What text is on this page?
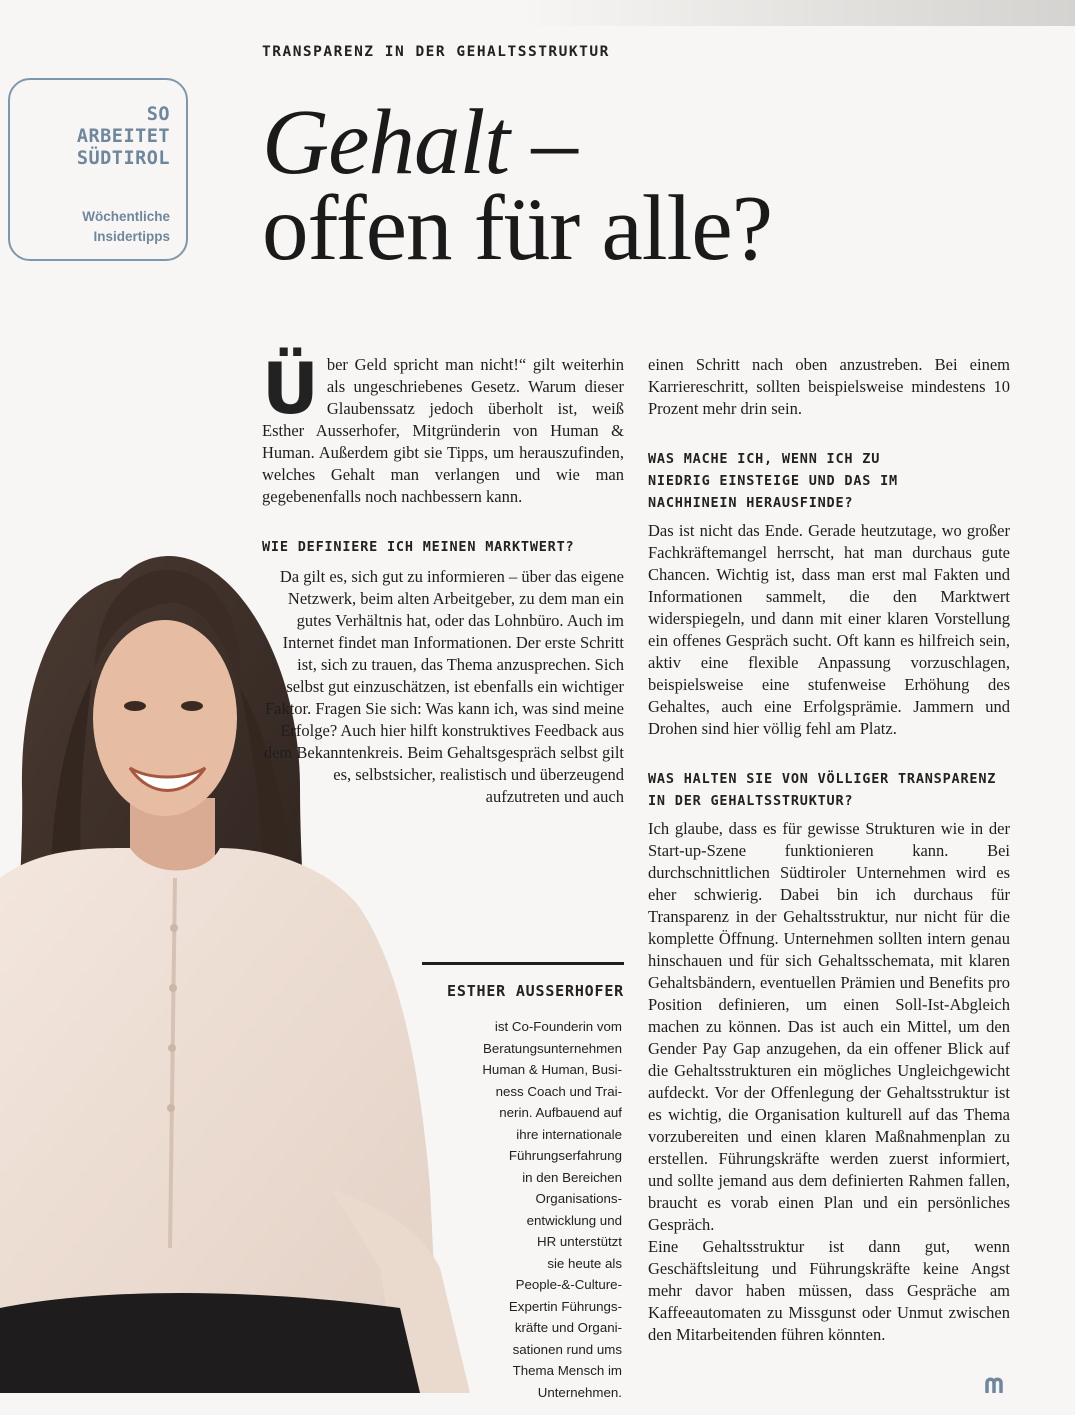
TRANSPARENZ IN DER GEHALTSSTRUKTUR
SO
ARBEITET
SÜDTIROL
Wöchentliche
Insidertipps
Gehalt –
offen für alle?

Über Geld spricht man nicht!“ gilt weiterhin als ungeschriebenes Gesetz. Warum dieser Glaubenssatz jedoch überholt ist, weiß Esther Ausserhofer, Mitgründerin von Human & Human. Außerdem gibt sie Tipps, um herauszufinden, welches Gehalt man verlangen und wie man gegebenenfalls noch nachbessern kann.

WIE DEFINIERE ICH MEINEN MARKTWERT?

Da gilt es, sich gut zu informieren – über das eigene Netzwerk, beim alten Arbeitgeber, zu dem man ein gutes Verhältnis hat, oder das Lohnbüro. Auch im Internet findet man Informationen. Der erste Schritt ist, sich zu trauen, das Thema anzusprechen. Sich selbst gut einzuschätzen, ist ebenfalls ein wichtiger Faktor. Fragen Sie sich: Was kann ich, was sind meine Erfolge? Auch hier hilft konstruktives Feedback aus dem Bekanntenkreis. Beim Gehaltsgespräch selbst gilt es, selbstsicher, realistisch und überzeugend aufzutreten und auch

einen Schritt nach oben anzustreben. Bei einem Karriereschritt, sollten beispielsweise mindestens 10 Prozent mehr drin sein.

WAS MACHE ICH, WENN ICH ZU NIEDRIG EINSTEIGE UND DAS IM NACHHINEIN HERAUSFINDE?

Das ist nicht das Ende. Gerade heutzutage, wo großer Fachkräftemangel herrscht, hat man durchaus gute Chancen. Wichtig ist, dass man erst mal Fakten und Informationen sammelt, die den Marktwert widerspiegeln, und dann mit einer klaren Vorstellung ein offenes Gespräch sucht. Oft kann es hilfreich sein, aktiv eine flexible Anpassung vorzuschlagen, beispielsweise eine stufenweise Erhöhung des Gehaltes, auch eine Erfolgsprämie. Jammern und Drohen sind hier völlig fehl am Platz.

WAS HALTEN SIE VON VÖLLIGER TRANSPARENZ IN DER GEHALTSSTRUKTUR?

Ich glaube, dass es für gewisse Strukturen wie in der Start-up-Szene funktionieren kann. Bei durchschnittlichen Südtiroler Unternehmen wird es eher schwierig. Dabei bin ich durchaus für Transparenz in der Gehaltsstruktur, nur nicht für die komplette Öffnung. Unternehmen sollten intern genau hinschauen und für sich Gehaltsschemata, mit klaren Gehaltsbändern, eventuellen Prämien und Benefits pro Position definieren, um einen Soll-Ist-Abgleich machen zu können. Das ist auch ein Mittel, um den Gender Pay Gap anzugehen, da ein offener Blick auf die Gehaltsstrukturen ein mögliches Ungleichgewicht aufdeckt. Vor der Offenlegung der Gehaltsstruktur ist es wichtig, die Organisation kulturell auf das Thema vorzubereiten und einen klaren Maßnahmenplan zu erstellen. Führungskräfte werden zuerst informiert, und sollte jemand aus dem definierten Rahmen fallen, braucht es vorab einen Plan und ein persönliches Gespräch.

Eine Gehaltsstruktur ist dann gut, wenn Geschäftsleitung und Führungskräfte keine Angst mehr davor haben müssen, dass Gespräche am Kaffeeautomaten zu Missgunst oder Unmut zwischen den Mitarbeitenden führen könnten.

ESTHER AUSSERHOFER
ist Co-Founderin vom
Beratungsunternehmen
Human & Human, Busi-
ness Coach und Trai-
nerin. Aufbauend auf
ihre internationale
Führungserfahrung
in den Bereichen
Organisations-
entwicklung und
HR unterstützt
sie heute als
People-&-Culture-
Expertin Führungs-
kräfte und Organi-
sationen rund ums
Thema Mensch im
Unternehmen.
